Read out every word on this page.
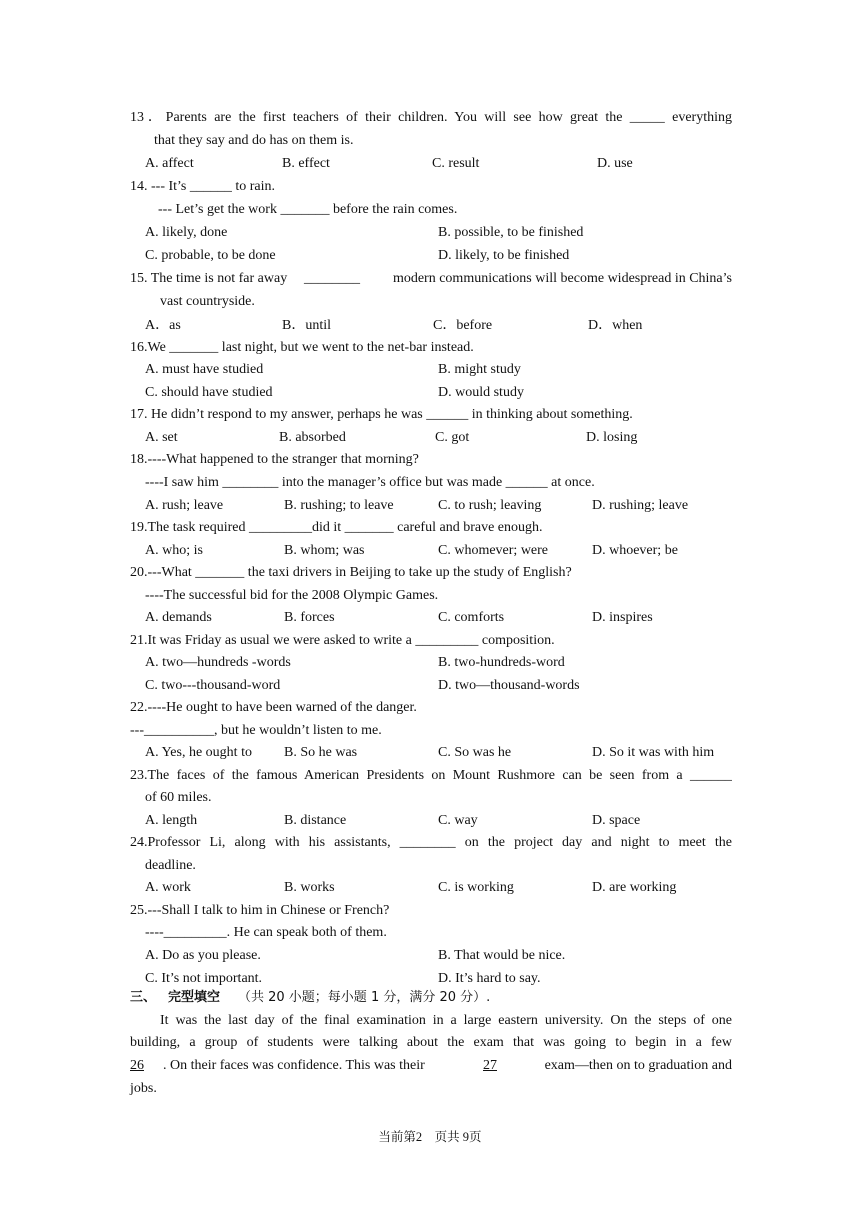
13．Parents are the first teachers of their children. You will see how great the _____ everything
that they say and do has on them is.
A. affect	B. effect	C. result	D. use
14. --- It’s ______ to rain.
--- Let’s get the work _______ before the rain comes.
A. likely, done	B. possible, to be finished
C. probable, to be done	D. likely, to be finished
15. The time is not far away ________	modern communications will become widespread in China’s
vast countryside.
A．as	B．until	C．before	D．when
16.We _______ last night, but we went to the net-bar instead.
A. must have studied	B. might study
C. should have studied	D. would study
17. He didn’t respond to my answer, perhaps he was ______ in thinking about something.
A. set	B. absorbed	C. got	D. losing
18.----What happened to the stranger that morning?
----I saw him ________ into the manager’s office but was made ______ at once.
A. rush; leave	B. rushing; to leave	C. to rush; leaving	D. rushing; leave
19.The task required _________did it _______ careful and brave enough.
A. who; is	B. whom; was	C. whomever; were	D. whoever; be
20.---What _______ the taxi drivers in Beijing to take up the study of English?
----The successful bid for the 2008 Olympic Games.
A. demands	B. forces	C. comforts	D. inspires
21.It was Friday as usual we were asked to write a _________ composition.
A. two—hundreds -words	B. two-hundreds-word
C. two---thousand-word	D. two—thousand-words
22.----He ought to have been warned of the danger.
---__________, but he wouldn’t listen to me.
A. Yes, he ought to B. So he was	C. So was he	D. So it was with him
23.The faces of the famous American Presidents on Mount Rushmore can be seen from a ______
of 60 miles.
A. length	B. distance	C. way	D. space
24.Professor Li, along with his assistants, ________ on the project day and night to meet the
deadline.
A. work	B. works	C. is working	D. are working
25.---Shall I talk to him in Chinese or French?
----_________. He can speak both of them.
A. Do as you please.	B. That would be nice.
C. It’s not important.	D. It’s hard to say.
三、 完型填空 （共 20 小题；每小题 1 分，满分 20 分）.
It was the last day of the final examination in a large eastern university. On the steps of one
building, a group of students were talking about the exam that was going to begin in a few
26	. On their faces was confidence. This was their	27	exam—then on to graduation and
jobs.
当前第2　页共 9页
